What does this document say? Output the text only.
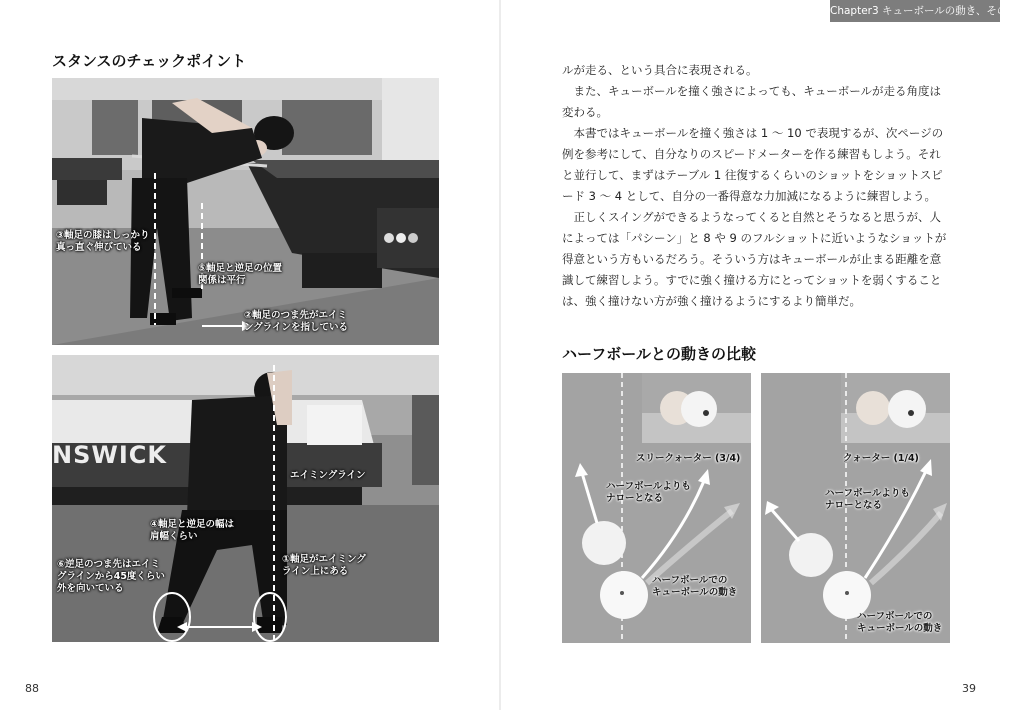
Chapter3 キューボールの動き、その基本
スタンスのチェックポイント
③軸足の膝はしっかり
真っ直ぐ伸びている
⑤軸足と逆足の位置
関係は平行
②軸足のつま先がエイミ
ングラインを指している
NSWICK
エイミングライン
④軸足と逆足の幅は
肩幅くらい
⑥逆足のつま先はエイミ
グラインから45度くらい
外を向いている
①軸足がエイミング
ライン上にある
88

ルが走る、という具合に表現される。

また、キューボールを撞く強さによっても、キューボールが走る角度は変わる。

本書ではキューボールを撞く強さは 1 ～ 10 で表現するが、次ページの例を参考にして、自分なりのスピードメーターを作る練習もしよう。それと並行して、まずはテーブル 1 往復するくらいのショットをショットスピード 3 ～ 4 として、自分の一番得意な力加減になるように練習しよう。

正しくスイングができるようなってくると自然とそうなると思うが、人によっては「パシーン」と 8 や 9 のフルショットに近いようなショットが得意という方もいるだろう。そういう方はキューボールが止まる距離を意識して練習しよう。すでに強く撞ける方にとってショットを弱くすることは、強く撞けない方が強く撞けるようにするより簡単だ。

ハーフボールとの動きの比較
スリークォーター (3/4)
ハーフボールよりも
ナローとなる
ハーフボールでの
キューボールの動き
クォーター (1/4)
ハーフボールよりも
ナローとなる
ハーフボールでの
キューボールの動き
39
